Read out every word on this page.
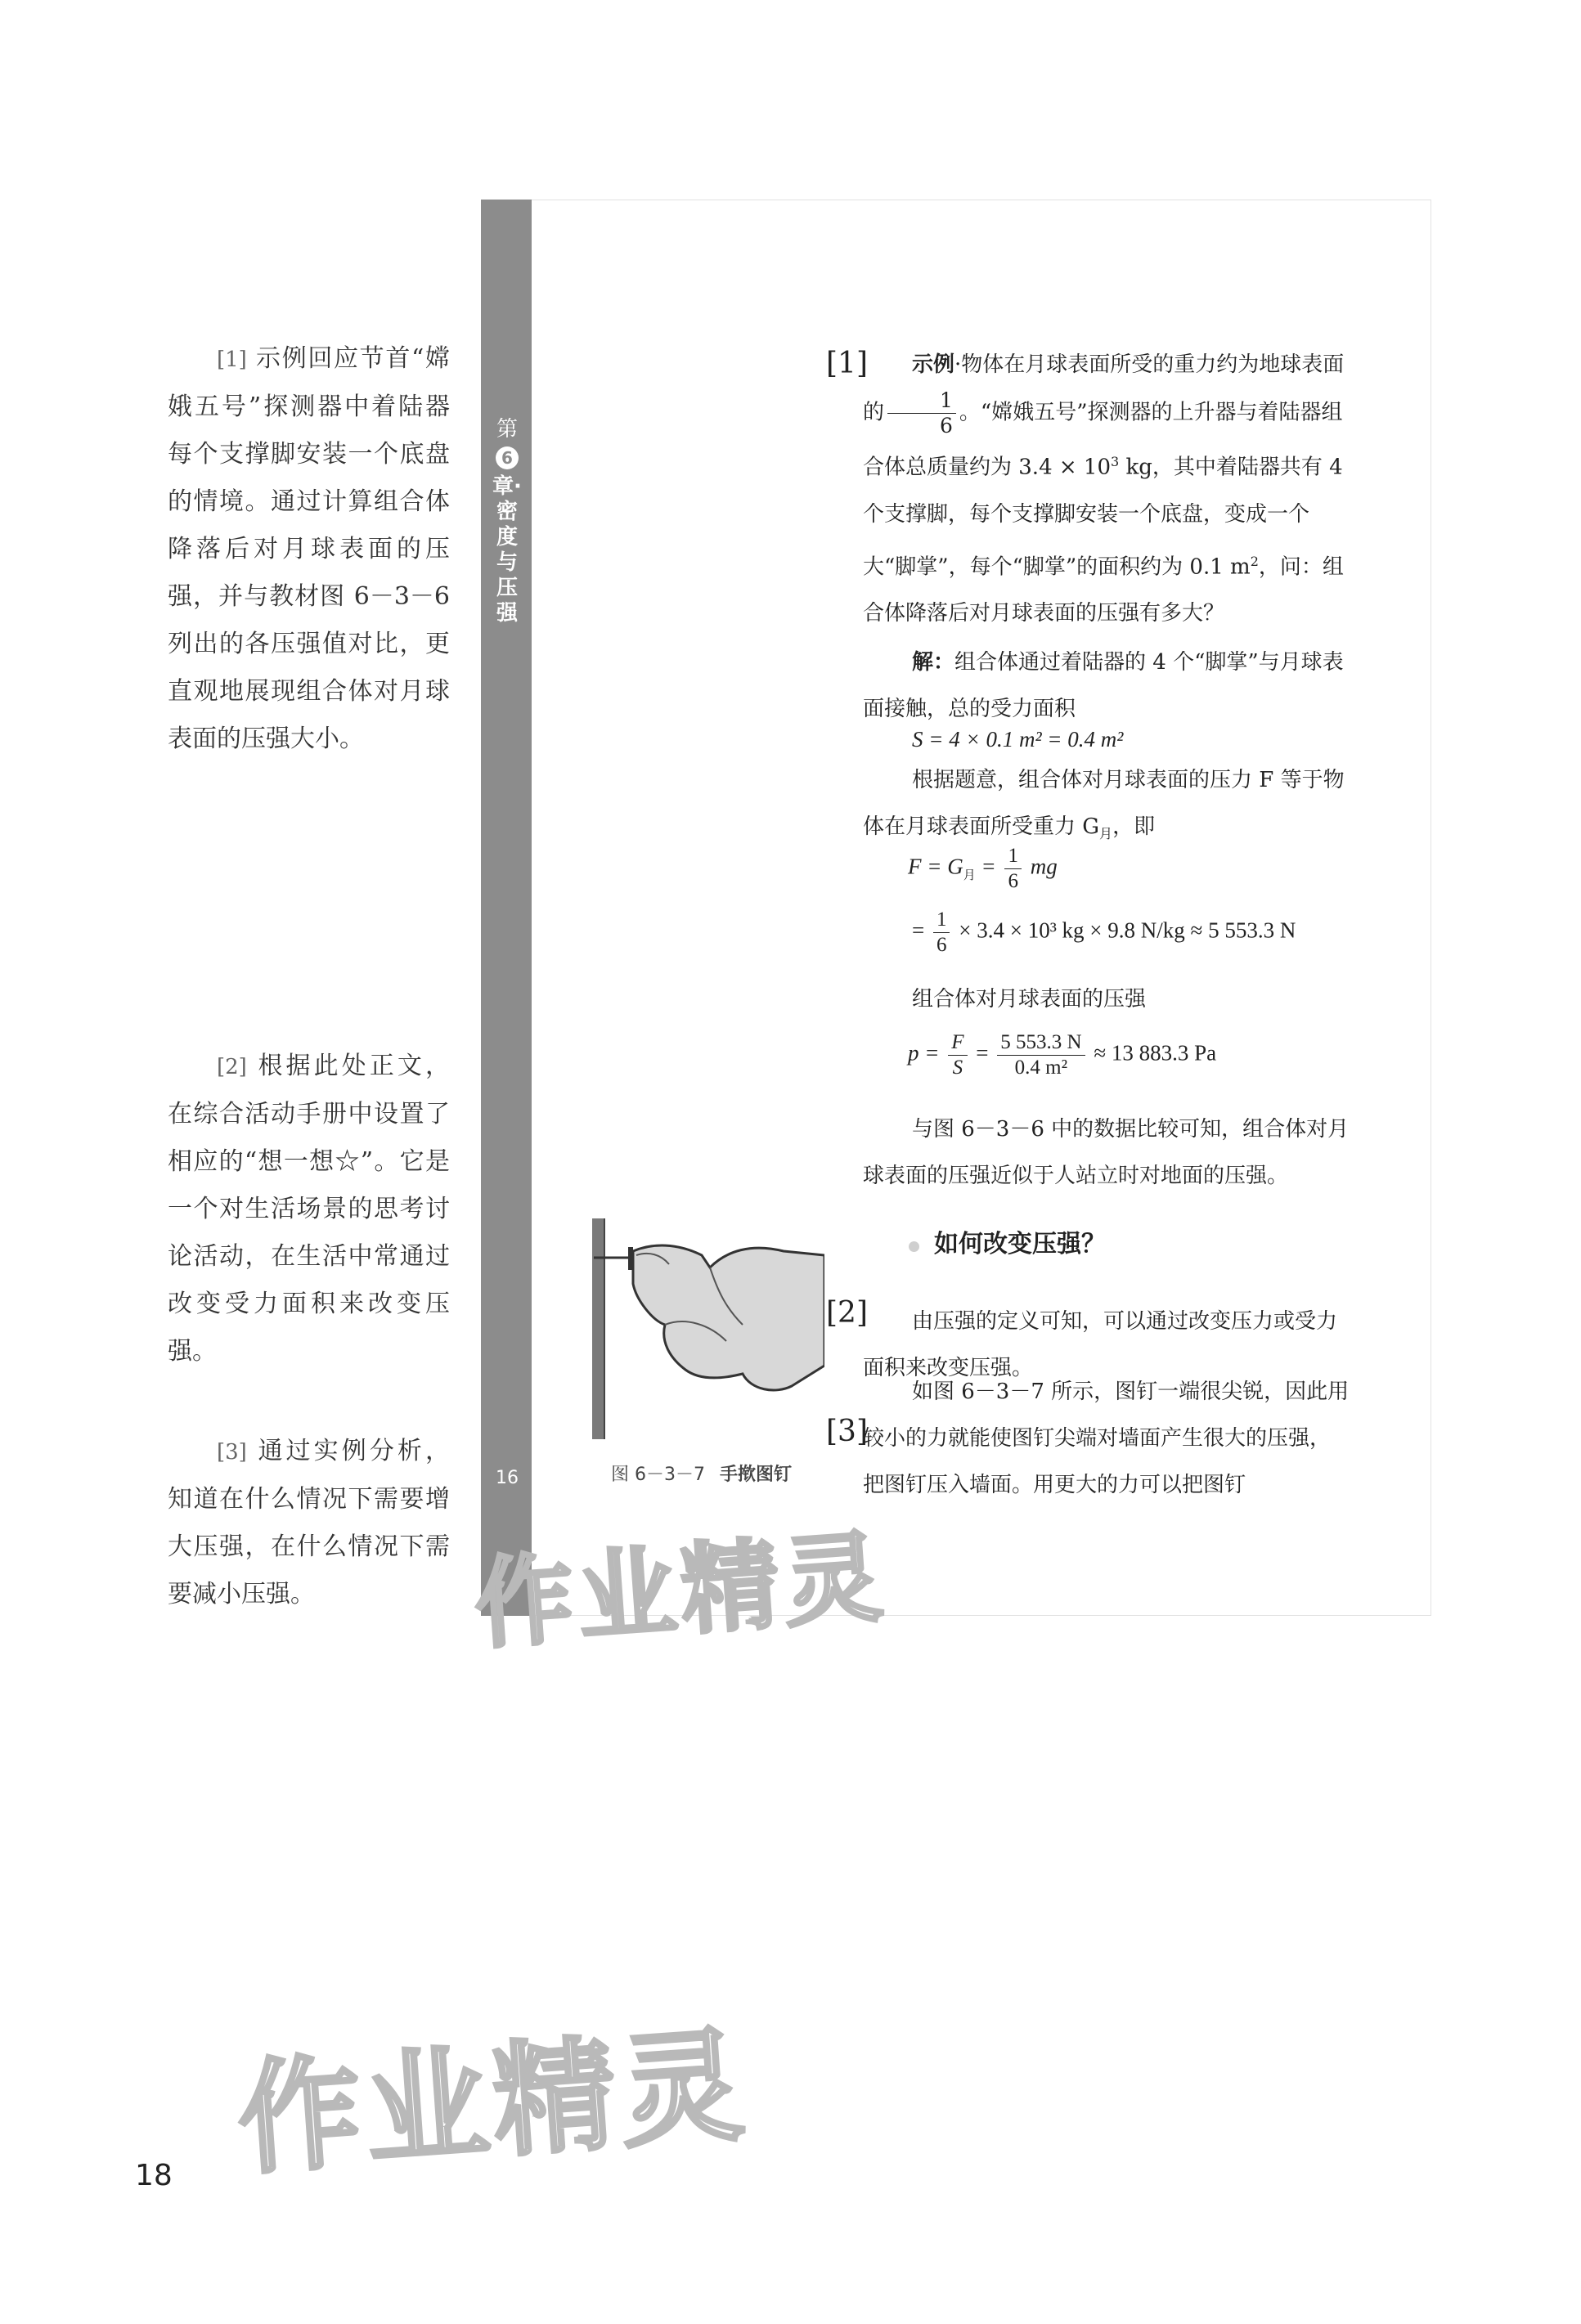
[1] 示例回应节首“嫦娥五号”探测器中着陆器每个支撑脚安装一个底盘的情境。通过计算组合体降落后对月球表面的压强，并与教材图 6－3－6 列出的各压强值对比，更直观地展现组合体对月球表面的压强大小。
[2] 根据此处正文，在综合活动手册中设置了相应的“想一想☆”。它是一个对生活场景的思考讨论活动，在生活中常通过改变受力面积来改变压强。
[3] 通过实例分析，知道在什么情况下需要增大压强，在什么情况下需要减小压强。
第
6
章·密度与压强
16
[1]
[2]
[3]
示例·物体在月球表面所受的重力约为地球表面的 $\frac{1}{6}$ 。“嫦娥五号”探测器的上升器与着陆器组合体总质量约为 $3.4 \times 10^3$ kg，其中着陆器共有 4 个支撑脚，每个支撑脚安装一个底盘，变成一个大“脚掌”，每个“脚掌”的面积约为 0.1 $m^2$，问：组合体降落后对月球表面的压强有多大？
解：组合体通过着陆器的 4 个“脚掌”与月球表面接触，总的受力面积
S = 4 × 0.1 m² = 0.4 m²
根据题意，组合体对月球表面的压力 F 等于物体在月球表面所受重力 $G_月$，即
$F = G_月 = \frac{1}{6}$ mg
= $\frac{1}{6} \times 3.4 \times 10^3$ kg × 9.8 N/kg ≈ 5 553.3 N
组合体对月球表面的压强
$p = \frac{F}{S} = \frac{5 553.3 N}{\text{0.4 m²}} \approx 13$ 883.3 Pa
与图 6－3－6 中的数据比较可知，组合体对月球表面的压强近似于人站立时对地面的压强。
如何改变压强？
由压强的定义可知，可以通过改变压力或受力面积来改变压强。
如图 6－3－7 所示，图钉一端很尖锐，因此用较小的力就能使图钉尖端对墙面产生很大的压强，把图钉压入墙面。用更大的力可以把图钉
图 6－3－7 手揿图钉
作业精灵
作业精灵
18
